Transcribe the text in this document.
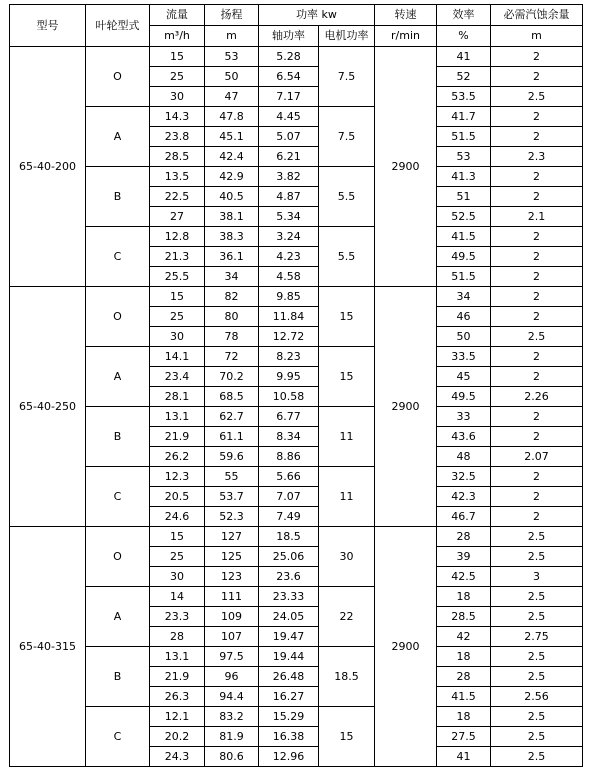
型号	叶轮型式	流量	扬程	功率 kw		转速	效率	必需汽蚀余量
		m³/h	m	轴功率	电机功率	r/min	%	m
65-40-200	O	15	53	5.28	7.5	2900	41	2
		25	50	6.54			52	2
		30	47	7.17			53.5	2.5
	A	14.3	47.8	4.45	7.5		41.7	2
		23.8	45.1	5.07			51.5	2
		28.5	42.4	6.21			53	2.3
	B	13.5	42.9	3.82	5.5		41.3	2
		22.5	40.5	4.87			51	2
		27	38.1	5.34			52.5	2.1
	C	12.8	38.3	3.24	5.5		41.5	2
		21.3	36.1	4.23			49.5	2
		25.5	34	4.58			51.5	2
65-40-250	O	15	82	9.85	15	2900	34	2
		25	80	11.84			46	2
		30	78	12.72			50	2.5
	A	14.1	72	8.23	15		33.5	2
		23.4	70.2	9.95			45	2
		28.1	68.5	10.58			49.5	2.26
	B	13.1	62.7	6.77	11		33	2
		21.9	61.1	8.34			43.6	2
		26.2	59.6	8.86			48	2.07
	C	12.3	55	5.66	11		32.5	2
		20.5	53.7	7.07			42.3	2
		24.6	52.3	7.49			46.7	2
65-40-315	O	15	127	18.5	30	2900	28	2.5
		25	125	25.06			39	2.5
		30	123	23.6			42.5	3
	A	14	111	23.33	22		18	2.5
		23.3	109	24.05			28.5	2.5
		28	107	19.47			42	2.75
	B	13.1	97.5	19.44	18.5		18	2.5
		21.9	96	26.48			28	2.5
		26.3	94.4	16.27			41.5	2.56
	C	12.1	83.2	15.29	15		18	2.5
		20.2	81.9	16.38			27.5	2.5
		24.3	80.6	12.96			41	2.5
